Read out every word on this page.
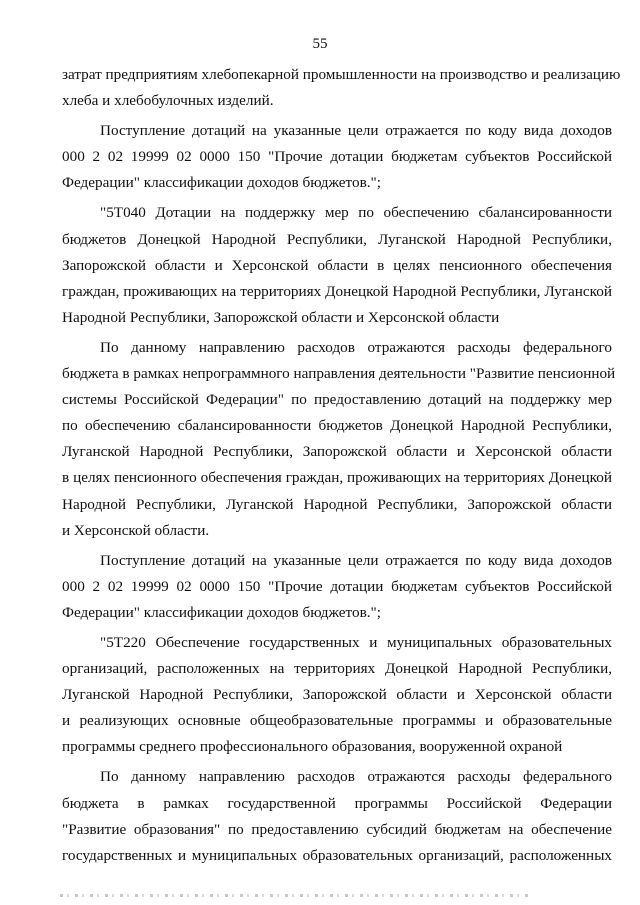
55

затрат предприятиям хлебопекарной промышленности на производство и реализацию
хлеба и хлебобулочных изделий.

Поступление дотаций на указанные цели отражается по коду вида доходов
000 2 02 19999 02 0000 150 "Прочие дотации бюджетам субъектов Российской
Федерации" классификации доходов бюджетов.";

"5Т040 Дотации на поддержку мер по обеспечению сбалансированности
бюджетов Донецкой Народной Республики, Луганской Народной Республики,
Запорожской области и Херсонской области в целях пенсионного обеспечения
граждан, проживающих на территориях Донецкой Народной Республики, Луганской
Народной Республики, Запорожской области и Херсонской области

По данному направлению расходов отражаются расходы федерального
бюджета в рамках непрограммного направления деятельности "Развитие пенсионной
системы Российской Федерации" по предоставлению дотаций на поддержку мер
по обеспечению сбалансированности бюджетов Донецкой Народной Республики,
Луганской Народной Республики, Запорожской области и Херсонской области
в целях пенсионного обеспечения граждан, проживающих на территориях Донецкой
Народной Республики, Луганской Народной Республики, Запорожской области
и Херсонской области.

Поступление дотаций на указанные цели отражается по коду вида доходов
000 2 02 19999 02 0000 150 "Прочие дотации бюджетам субъектов Российской
Федерации" классификации доходов бюджетов.";

"5Т220 Обеспечение государственных и муниципальных образовательных
организаций, расположенных на территориях Донецкой Народной Республики,
Луганской Народной Республики, Запорожской области и Херсонской области
и реализующих основные общеобразовательные программы и образовательные
программы среднего профессионального образования, вооруженной охраной

По данному направлению расходов отражаются расходы федерального
бюджета в рамках государственной программы Российской Федерации
"Развитие образования" по предоставлению субсидий бюджетам на обеспечение
государственных и муниципальных образовательных организаций, расположенных
